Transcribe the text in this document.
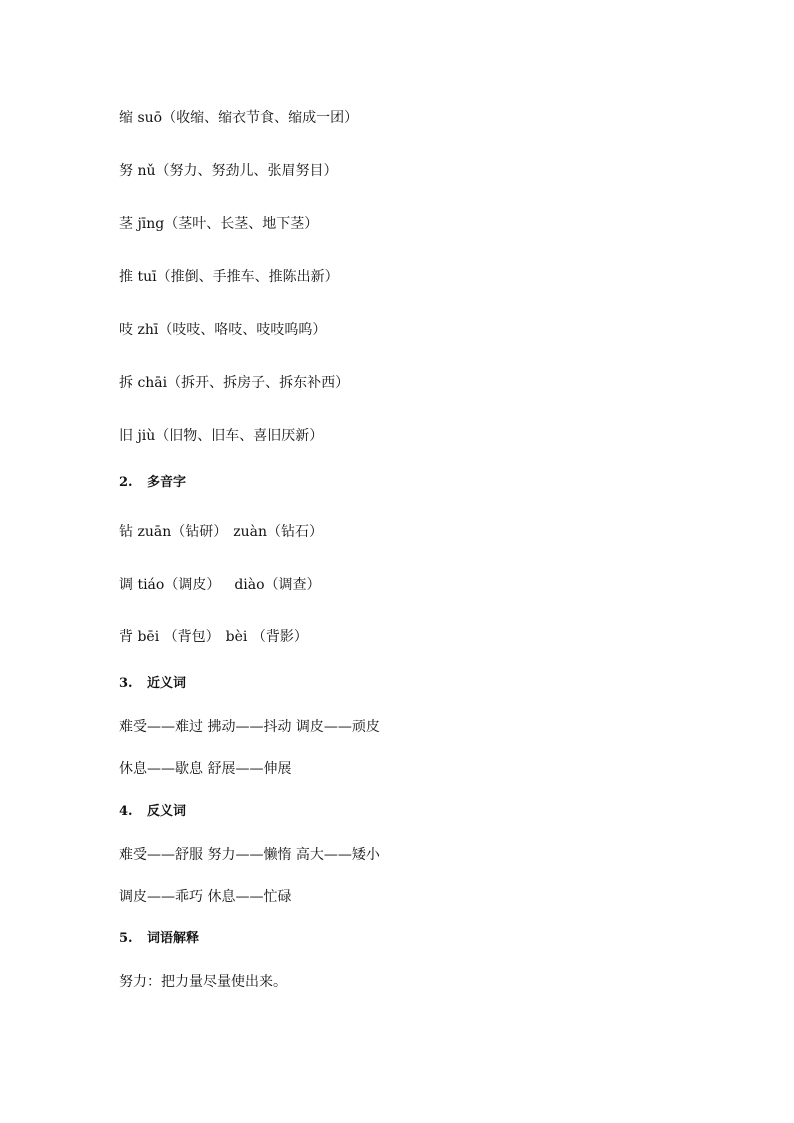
缩 suō（收缩、缩衣节食、缩成一团）
努 nǔ（努力、努劲儿、张眉努目）
茎 jīng（茎叶、长茎、地下茎）
推 tuī（推倒、手推车、推陈出新）
吱 zhī（吱吱、咯吱、吱吱呜呜）
拆 chāi（拆开、拆房子、拆东补西）
旧 jiù（旧物、旧车、喜旧厌新）
2. 多音字
钻 zuān（钻研） zuàn（钻石）
调 tiáo（调皮） diào（调查）
背 bēi （背包） bèi （背影）
3. 近义词
难受——难过 拂动——抖动 调皮——顽皮
休息——歇息 舒展——伸展
4. 反义词
难受——舒服 努力——懒惰 高大——矮小
调皮——乖巧 休息——忙碌
5. 词语解释
努力：把力量尽量使出来。
